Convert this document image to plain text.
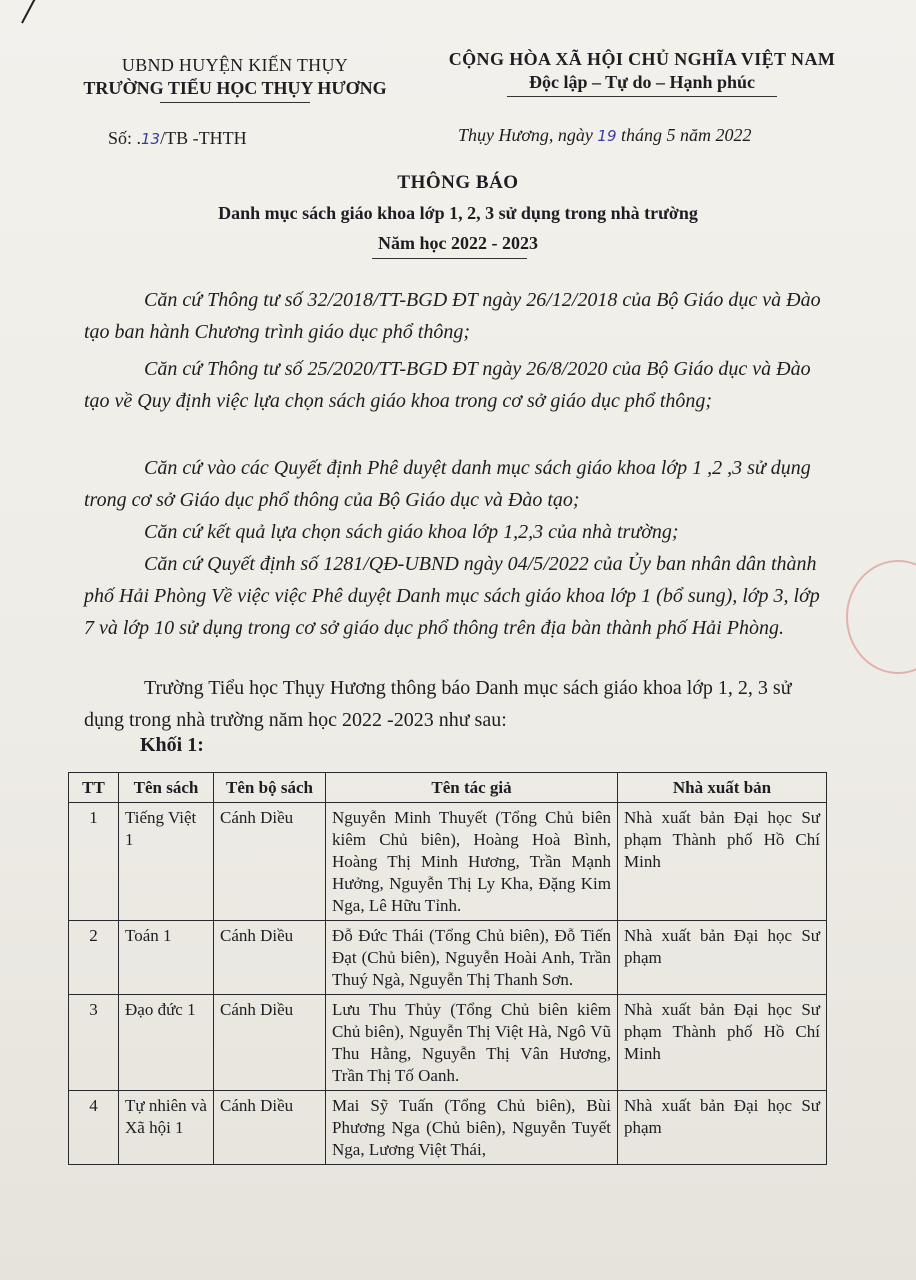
UBND HUYỆN KIẾN THỤY
TRƯỜNG TIỂU HỌC THỤY HƯƠNG
CỘNG HÒA XÃ HỘI CHỦ NGHĨA VIỆT NAM
Độc lập – Tự do – Hạnh phúc
Số: .13/TB -THTH	Thụy Hương, ngày 19 tháng 5 năm 2022
THÔNG BÁO
Danh mục sách giáo khoa lớp 1, 2, 3 sử dụng trong nhà trường
Năm học 2022 - 2023

Căn cứ Thông tư số 32/2018/TT-BGD ĐT ngày 26/12/2018 của Bộ Giáo dục và Đào tạo ban hành Chương trình giáo dục phổ thông;

Căn cứ Thông tư số 25/2020/TT-BGD ĐT ngày 26/8/2020 của Bộ Giáo dục và Đào tạo về Quy định việc lựa chọn sách giáo khoa trong cơ sở giáo dục phổ thông;

Căn cứ vào các Quyết định Phê duyệt danh mục sách giáo khoa lớp 1 ,2 ,3 sử dụng trong cơ sở Giáo dục phổ thông của Bộ Giáo dục và Đào tạo;

Căn cứ kết quả lựa chọn sách giáo khoa lớp 1,2,3 của nhà trường;

Căn cứ Quyết định số 1281/QĐ-UBND ngày 04/5/2022 của Ủy ban nhân dân thành phố Hải Phòng Về việc việc Phê duyệt Danh mục sách giáo khoa lớp 1 (bổ sung), lớp 3, lớp 7 và lớp 10 sử dụng trong cơ sở giáo dục phổ thông trên địa bàn thành phố Hải Phòng.

Trường Tiểu học Thụy Hương thông báo Danh mục sách giáo khoa lớp 1, 2, 3 sử dụng trong nhà trường năm học 2022 -2023 như sau:

Khối 1:
TT	Tên sách	Tên bộ sách	Tên tác giả	Nhà xuất bản
1	Tiếng Việt 1	Cánh Diều	Nguyễn Minh Thuyết (Tổng Chủ biên kiêm Chủ biên), Hoàng Hoà Bình, Hoàng Thị Minh Hương, Trần Mạnh Hưởng, Nguyễn Thị Ly Kha, Đặng Kim Nga, Lê Hữu Tỉnh.	Nhà xuất bản Đại học Sư phạm Thành phố Hồ Chí Minh
2	Toán 1	Cánh Diều	Đỗ Đức Thái (Tổng Chủ biên), Đỗ Tiến Đạt (Chủ biên), Nguyễn Hoài Anh, Trần Thuý Ngà, Nguyễn Thị Thanh Sơn.	Nhà xuất bản Đại học Sư phạm
3	Đạo đức 1	Cánh Diều	Lưu Thu Thủy (Tổng Chủ biên kiêm Chủ biên), Nguyễn Thị Việt Hà, Ngô Vũ Thu Hằng, Nguyễn Thị Vân Hương, Trần Thị Tố Oanh.	Nhà xuất bản Đại học Sư phạm Thành phố Hồ Chí Minh
4	Tự nhiên và Xã hội 1	Cánh Diều	Mai Sỹ Tuấn (Tổng Chủ biên), Bùi Phương Nga (Chủ biên), Nguyễn Tuyết Nga, Lương Việt Thái,	Nhà xuất bản Đại học Sư phạm
